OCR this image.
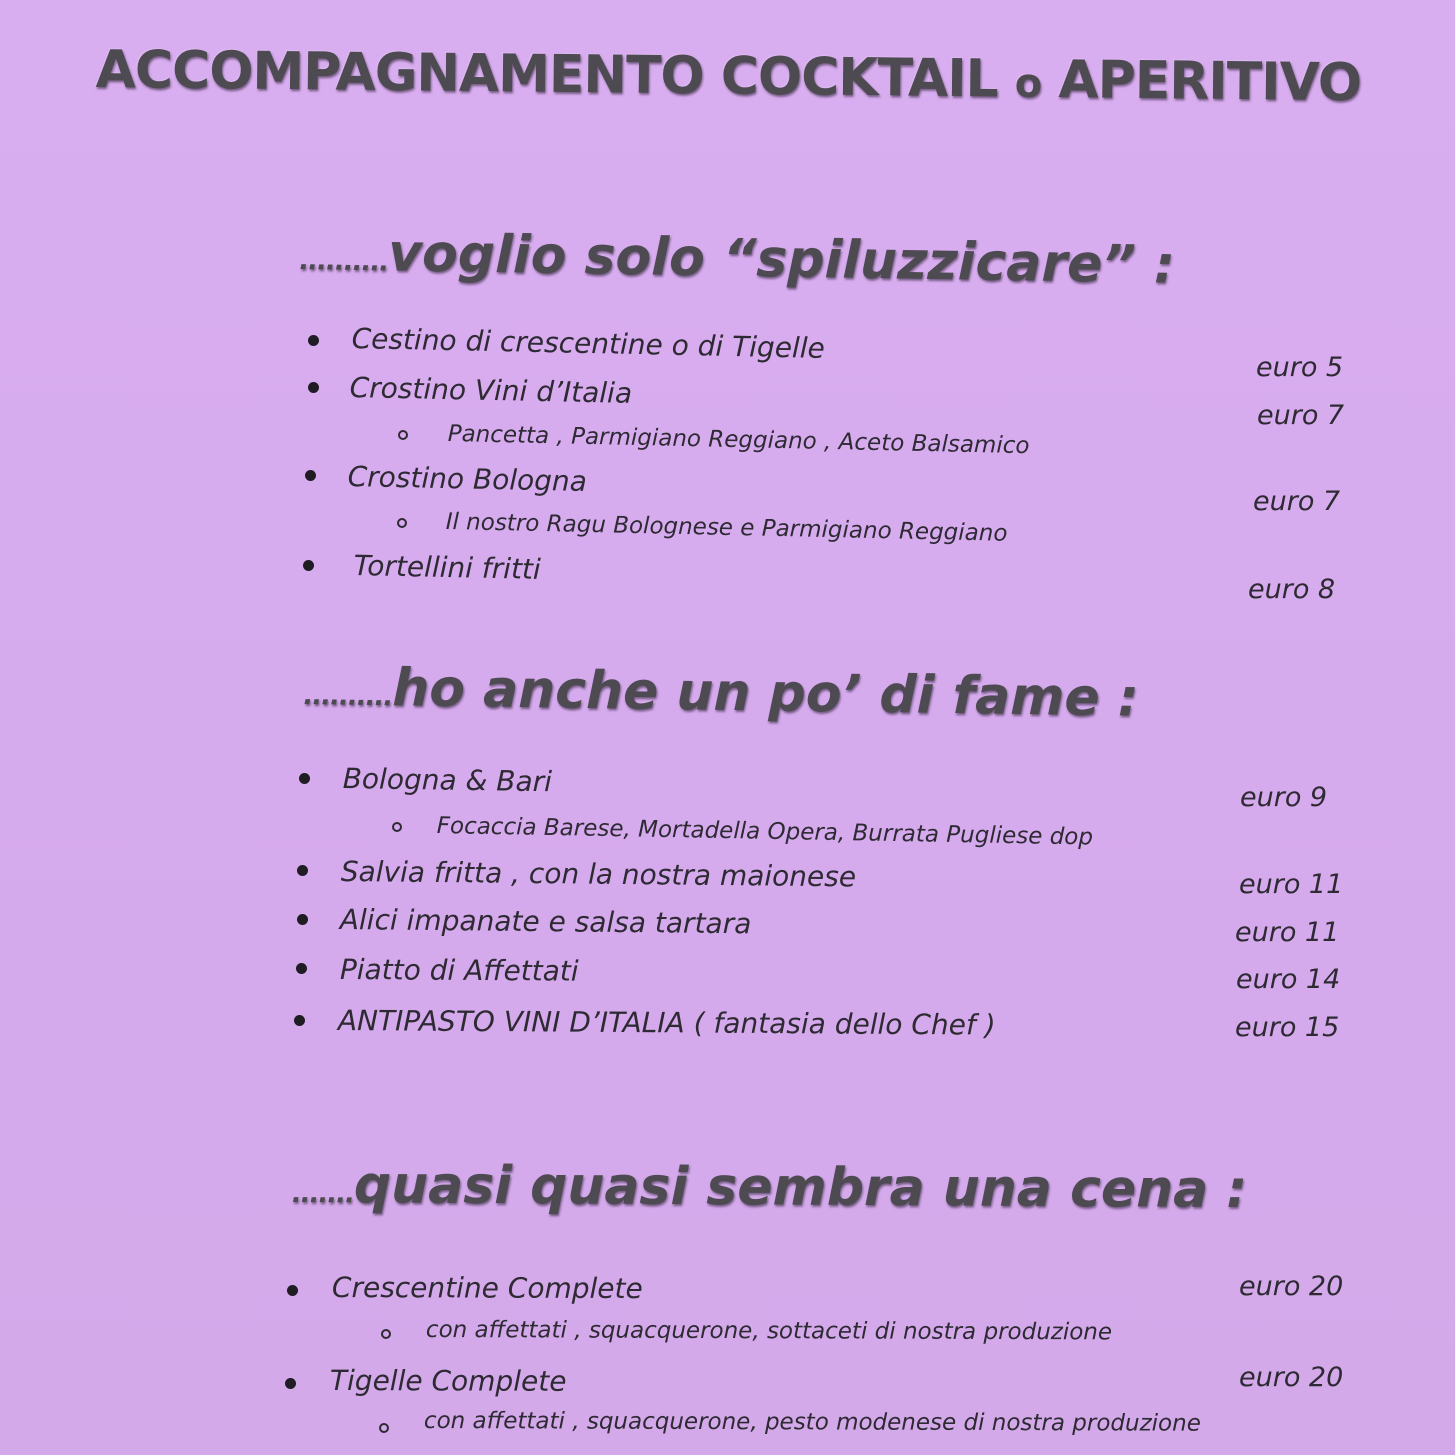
ACCOMPAGNAMENTO COCKTAIL o APERITIVO
..........voglio solo “spiluzzicare” :
Cestino di crescentine o di Tigelle
euro 5
Crostino Vini d’Italia
euro 7
Pancetta , Parmigiano Reggiano , Aceto Balsamico
Crostino Bologna
euro 7
Il nostro Ragu Bolognese e Parmigiano Reggiano
Tortellini fritti
euro 8
..........ho anche un po’ di fame :
Bologna & Bari	euro 9
Focaccia Barese, Mortadella Opera, Burrata Pugliese dop
Salvia fritta , con la nostra maionese	euro 11
Alici impanate e salsa tartara	euro 11
Piatto di Affettati	euro 14
ANTIPASTO VINI D’ITALIA ( fantasia dello Chef )	euro 15
.......quasi quasi sembra una cena :
Crescentine Complete	euro 20
con affettati , squacquerone, sottaceti di nostra produzione
Tigelle Complete	euro 20
con affettati , squacquerone, pesto modenese di nostra produzione
